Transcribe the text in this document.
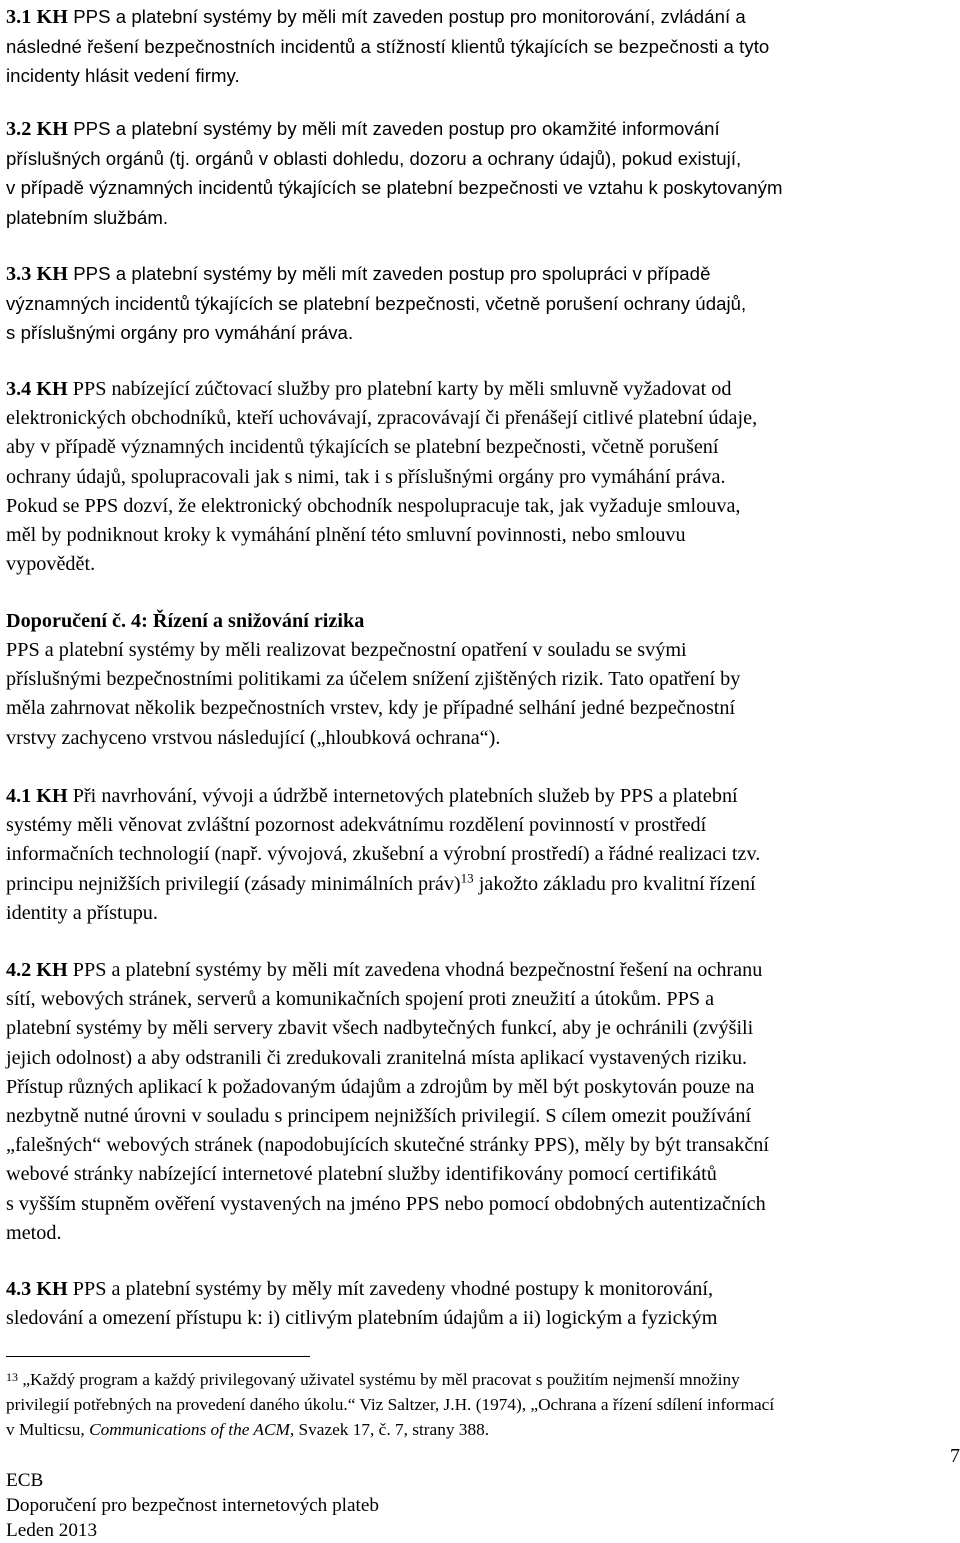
3.1 KH PPS a platební systémy by měli mít zaveden postup pro monitorování, zvládání a
následné řešení bezpečnostních incidentů a stížností klientů týkajících se bezpečnosti a tyto
incidenty hlásit vedení firmy.

3.2 KH PPS a platební systémy by měli mít zaveden postup pro okamžité informování
příslušných orgánů (tj. orgánů v oblasti dohledu, dozoru a ochrany údajů), pokud existují,
v případě významných incidentů týkajících se platební bezpečnosti ve vztahu k poskytovaným
platebním službám.

3.3 KH PPS a platební systémy by měli mít zaveden postup pro spolupráci v případě
významných incidentů týkajících se platební bezpečnosti, včetně porušení ochrany údajů,
s příslušnými orgány pro vymáhání práva.

3.4 KH PPS nabízející zúčtovací služby pro platební karty by měli smluvně vyžadovat od
elektronických obchodníků, kteří uchovávají, zpracovávají či přenášejí citlivé platební údaje,
aby v případě významných incidentů týkajících se platební bezpečnosti, včetně porušení
ochrany údajů, spolupracovali jak s nimi, tak i s příslušnými orgány pro vymáhání práva.
Pokud se PPS dozví, že elektronický obchodník nespolupracuje tak, jak vyžaduje smlouva,
měl by podniknout kroky k vymáhání plnění této smluvní povinnosti, nebo smlouvu
vypovědět.

Doporučení č. 4: Řízení a snižování rizika

PPS a platební systémy by měli realizovat bezpečnostní opatření v souladu se svými
příslušnými bezpečnostními politikami za účelem snížení zjištěných rizik. Tato opatření by
měla zahrnovat několik bezpečnostních vrstev, kdy je případné selhání jedné bezpečnostní
vrstvy zachyceno vrstvou následující („hloubková ochrana“).

4.1 KH Při navrhování, vývoji a údržbě internetových platebních služeb by PPS a platební
systémy měli věnovat zvláštní pozornost adekvátnímu rozdělení povinností v prostředí
informačních technologií (např. vývojová, zkušební a výrobní prostředí) a řádné realizaci tzv.
principu nejnižších privilegií (zásady minimálních práv)$^{13}$ jakožto základu pro kvalitní řízení
identity a přístupu.

4.2 KH PPS a platební systémy by měli mít zavedena vhodná bezpečnostní řešení na ochranu
sítí, webových stránek, serverů a komunikačních spojení proti zneužití a útokům. PPS a
platební systémy by měli servery zbavit všech nadbytečných funkcí, aby je ochránili (zvýšili
jejich odolnost) a aby odstranili či zredukovali zranitelná místa aplikací vystavených riziku.
Přístup různých aplikací k požadovaným údajům a zdrojům by měl být poskytován pouze na
nezbytně nutné úrovni v souladu s principem nejnižších privilegií. S cílem omezit používání
„falešných“ webových stránek (napodobujících skutečné stránky PPS), měly by být transakční
webové stránky nabízející internetové platební služby identifikovány pomocí certifikátů
s vyšším stupněm ověření vystavených na jméno PPS nebo pomocí obdobných autentizačních
metod.

4.3 KH PPS a platební systémy by měly mít zavedeny vhodné postupy k monitorování,
sledování a omezení přístupu k: i) citlivým platebním údajům a ii) logickým a fyzickým

$^{13}$ „Každý program a každý privilegovaný uživatel systému by měl pracovat s použitím nejmenší množiny
privilegií potřebných na provedení daného úkolu.“ Viz Saltzer, J.H. (1974), „Ochrana a řízení sdílení informací
v Multicsu, Communications of the ACM, Svazek 17, č. 7, strany 388.
7
ECB
Doporučení pro bezpečnost internetových plateb
Leden 2013
